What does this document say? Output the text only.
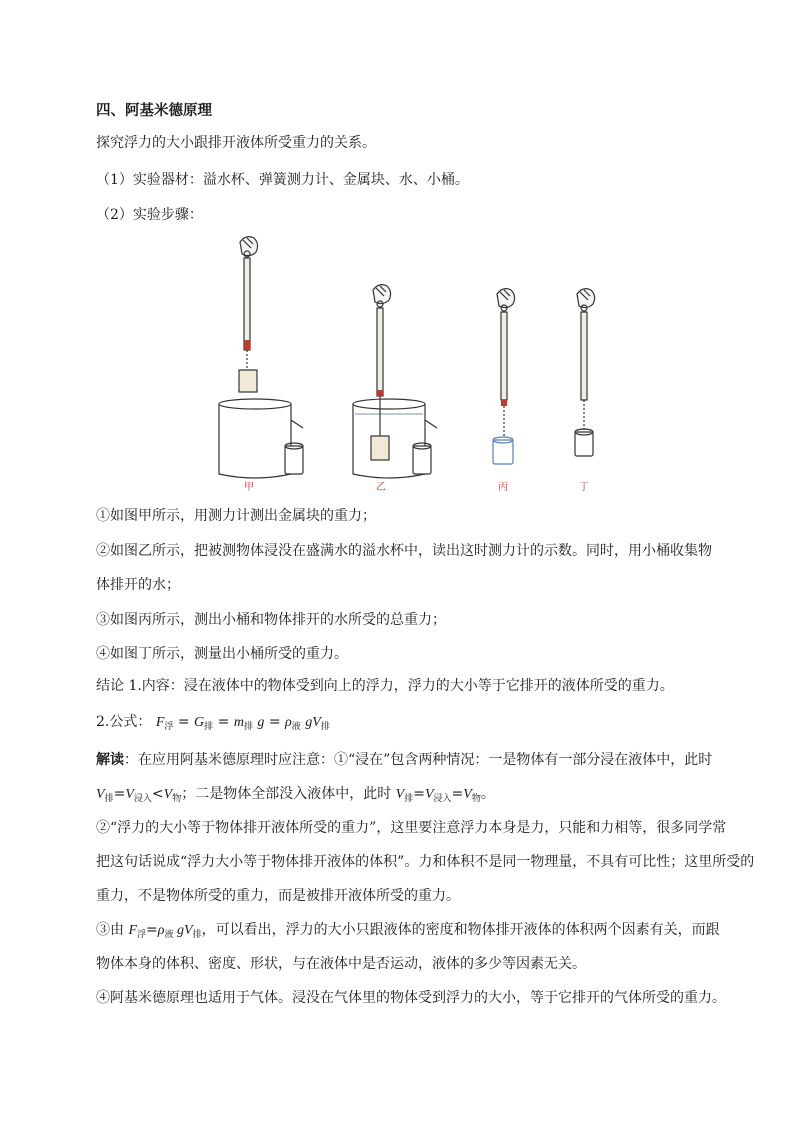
四、阿基米德原理
探究浮力的大小跟排开液体所受重力的关系。
（1）实验器材：溢水杯、弹簧测力计、金属块、水、小桶。
（2）实验步骤：
甲	乙	丙	丁
①如图甲所示，用测力计测出金属块的重力；
②如图乙所示，把被测物体浸没在盛满水的溢水杯中，读出这时测力计的示数。同时，用小桶收集物
体排开的水；
③如图丙所示，测出小桶和物体排开的水所受的总重力；
④如图丁所示，测量出小桶所受的重力。
结论 1.内容：浸在液体中的物体受到向上的浮力，浮力的大小等于它排开的液体所受的重力。
2.公式： $F_浮 = G_排 = m_排$ $g = \rho_液$ $gV_排$
解读：在应用阿基米德原理时应注意：①“浸在”包含两种情况：一是物体有一部分浸在液体中，此时
$V_排=V_{浸入}<V_物$；二是物体全部没入液体中，此时 $V_排=V_{浸入}=V_物$。
②“浮力的大小等于物体排开液体所受的重力”，这里要注意浮力本身是力，只能和力相等，很多同学常
把这句话说成“浮力大小等于物体排开液体的体积”。力和体积不是同一物理量，不具有可比性；这里所受的
重力，不是物体所受的重力，而是被排开液体所受的重力。
③由 $F_浮=\rho_液$ $gV_排$，可以看出，浮力的大小只跟液体的密度和物体排开液体的体积两个因素有关，而跟
物体本身的体积、密度、形状，与在液体中是否运动，液体的多少等因素无关。
④阿基米德原理也适用于气体。浸没在气体里的物体受到浮力的大小，等于它排开的气体所受的重力。
